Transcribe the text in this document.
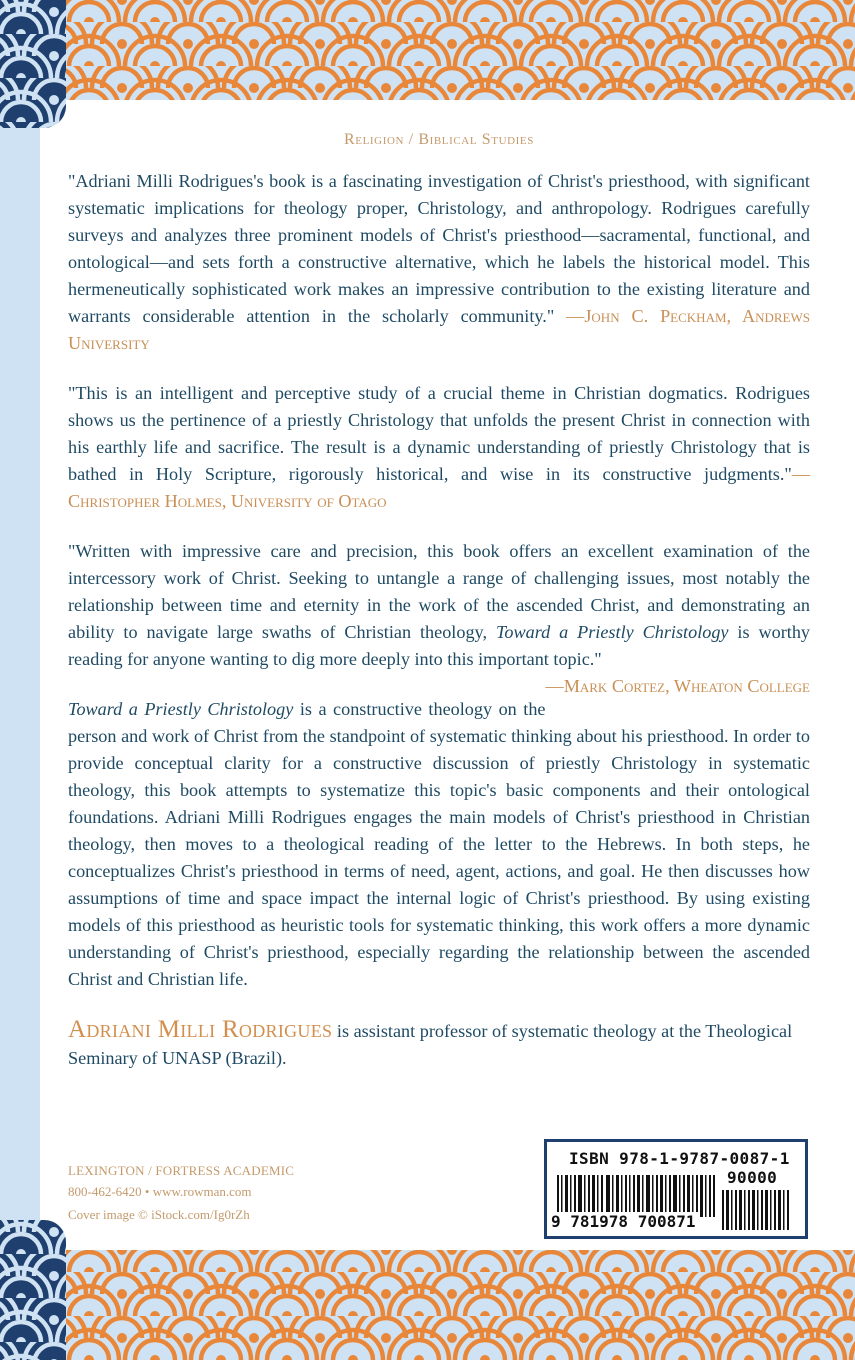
Religion / Biblical Studies

"Adriani Milli Rodrigues's book is a fascinating investigation of Christ's priesthood, with significant systematic implications for theology proper, Christology, and anthropology. Rodrigues carefully surveys and analyzes three prominent models of Christ's priesthood—sacramental, functional, and ontological—and sets forth a constructive alternative, which he labels the historical model. This hermeneutically sophisticated work makes an impressive contribution to the existing literature and warrants considerable attention in the scholarly community." —John C. Peckham, Andrews University

"This is an intelligent and perceptive study of a crucial theme in Christian dogmatics. Rodrigues shows us the pertinence of a priestly Christology that unfolds the present Christ in connection with his earthly life and sacrifice. The result is a dynamic understanding of priestly Christology that is bathed in Holy Scripture, rigorously historical, and wise in its constructive judgments."—Christopher Holmes, University of Otago

"Written with impressive care and precision, this book offers an excellent examination of the intercessory work of Christ. Seeking to untangle a range of challenging issues, most notably the relationship between time and eternity in the work of the ascended Christ, and demonstrating an ability to navigate large swaths of Christian theology, Toward a Priestly Christology is worthy reading for anyone wanting to dig more deeply into this important topic."
—Mark Cortez, Wheaton College

Toward a Priestly Christology is a constructive theology on the person and work of Christ from the standpoint of systematic thinking about his priesthood. In order to provide conceptual clarity for a constructive discussion of priestly Christology in systematic theology, this book attempts to systematize this topic's basic components and their ontological foundations. Adriani Milli Rodrigues engages the main models of Christ's priesthood in Christian theology, then moves to a theological reading of the letter to the Hebrews. In both steps, he conceptualizes Christ's priesthood in terms of need, agent, actions, and goal. He then discusses how assumptions of time and space impact the internal logic of Christ's priesthood. By using existing models of this priesthood as heuristic tools for systematic thinking, this work offers a more dynamic understanding of Christ's priesthood, especially regarding the relationship between the ascended Christ and Christian life.

Adriani Milli Rodrigues is assistant professor of systematic theology at the Theological Seminary of UNASP (Brazil).

LEXINGTON / FORTRESS ACADEMIC
800-462-6420 • www.rowman.com
Cover image © iStock.com/Ig0rZh
ISBN 978-1-9787-0087-1
90000
9 781978 700871
